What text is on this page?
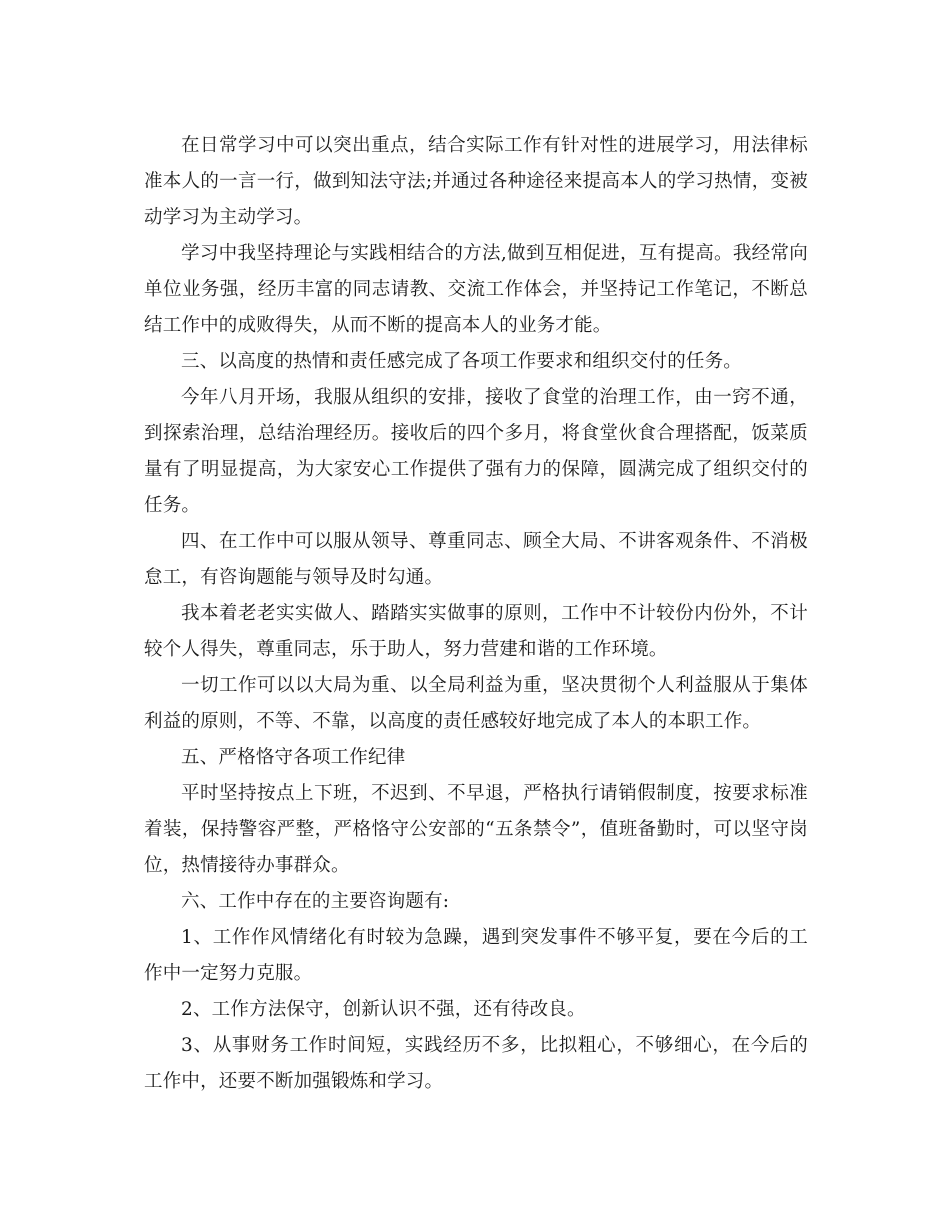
在日常学习中可以突出重点，结合实际工作有针对性的进展学习，用法律标准本人的一言一行，做到知法守法;并通过各种途径来提高本人的学习热情，变被动学习为主动学习。

学习中我坚持理论与实践相结合的方法,做到互相促进，互有提高。我经常向单位业务强，经历丰富的同志请教、交流工作体会，并坚持记工作笔记，不断总结工作中的成败得失，从而不断的提高本人的业务才能。

三、以高度的热情和责任感完成了各项工作要求和组织交付的任务。

今年八月开场，我服从组织的安排，接收了食堂的治理工作，由一窍不通，到探索治理，总结治理经历。接收后的四个多月，将食堂伙食合理搭配，饭菜质量有了明显提高，为大家安心工作提供了强有力的保障，圆满完成了组织交付的任务。

四、在工作中可以服从领导、尊重同志、顾全大局、不讲客观条件、不消极怠工，有咨询题能与领导及时勾通。

我本着老老实实做人、踏踏实实做事的原则，工作中不计较份内份外，不计较个人得失，尊重同志，乐于助人，努力营建和谐的工作环境。

一切工作可以以大局为重、以全局利益为重，坚决贯彻个人利益服从于集体利益的原则，不等、不靠，以高度的责任感较好地完成了本人的本职工作。

五、严格恪守各项工作纪律

平时坚持按点上下班，不迟到、不早退，严格执行请销假制度，按要求标准着装，保持警容严整，严格恪守公安部的“五条禁令”，值班备勤时，可以坚守岗位，热情接待办事群众。

六、工作中存在的主要咨询题有:

1、工作作风情绪化有时较为急躁，遇到突发事件不够平复，要在今后的工作中一定努力克服。

2、工作方法保守，创新认识不强，还有待改良。

3、从事财务工作时间短，实践经历不多，比拟粗心，不够细心，在今后的工作中，还要不断加强锻炼和学习。
